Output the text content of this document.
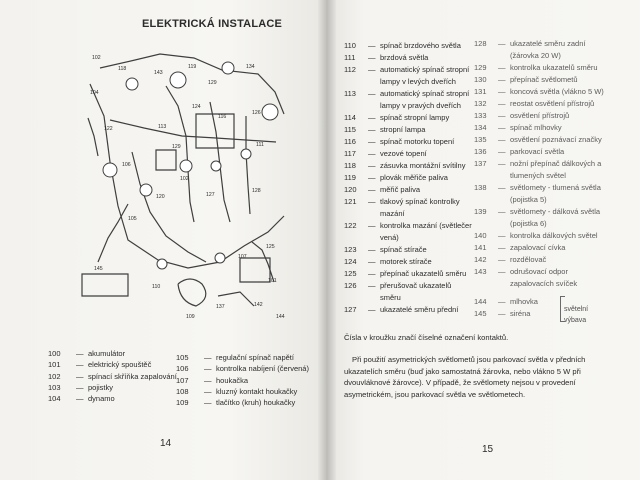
ELEKTRICKÁ INSTALACE
102
118
143
119
129
134
104
122	113
124
116
126
111
129
106
102
127
120
128
105
145
110
109
137
107
125
101
142
144
100 — akumulátor
101 — elektrický spouštěč
102 — spínací skříňka zapalování
103 — pojistky
104 — dynamo
105 — regulační spínač napětí
106 — kontrolka nabíjení (červená)
107 — houkačka
108 — kluzný kontakt houkačky
109 — tlačítko (kruh) houkačky
14
110	— spínač brzdového světla
111	— brzdová světla
112	— automatický spínač stropní lampy v levých dveřích
113	— automatický spínač stropní lampy v pravých dveřích
114	— spínač stropní lampy
115	— stropní lampa
116	— spínač motorku topení
117	— vezové topení
118	— zásuvka montážní svítilny
119	— plovák měřiče paliva
120	— měřič paliva
121	— tlakový spínač kontrolky mazání
122	— kontrolka mazání (světlečer vená)
123	— spínač stírače
124	— motorek stírače
125	— přepínač ukazatelů směru
126	— přerušovač ukazatelů směru
127	— ukazatelé směru přední
128	— ukazatelé směru zadní (žárovka 20 W)
129	— kontrolka ukazatelů směru
130	— přepínač světlometů
131	— koncová světla (vlákno 5 W)
132	— reostat osvětlení přístrojů
133	— osvětlení přístrojů
134	— spínač mlhovky
135	— osvětlení poznávací značky
136	— parkovací světla
137	— nožní přepínač dálkových a tlumených světel
138	— světlomety - tlumená světla (pojistka 5)
139	— světlomety - dálková světla (pojistka 6)
140	— kontrolka dálkových světel
141	— zapalovací cívka
142	— rozdělovač
143	— odrušovací odpor zapalovacích svíček
144	— mlhovka
145	— siréna	světelní výbava

Čísla v kroužku značí číselné označení kontaktů.

Při použití asymetrických světlometů jsou parkovací světla v předních ukazatelích směru (buď jako samostatná žárovka, nebo vlákno 5 W při dvouvláknové žárovce). V případě, že světlomety nejsou v provedení asymetrickém, jsou parkovací světla ve světlometech.

15
